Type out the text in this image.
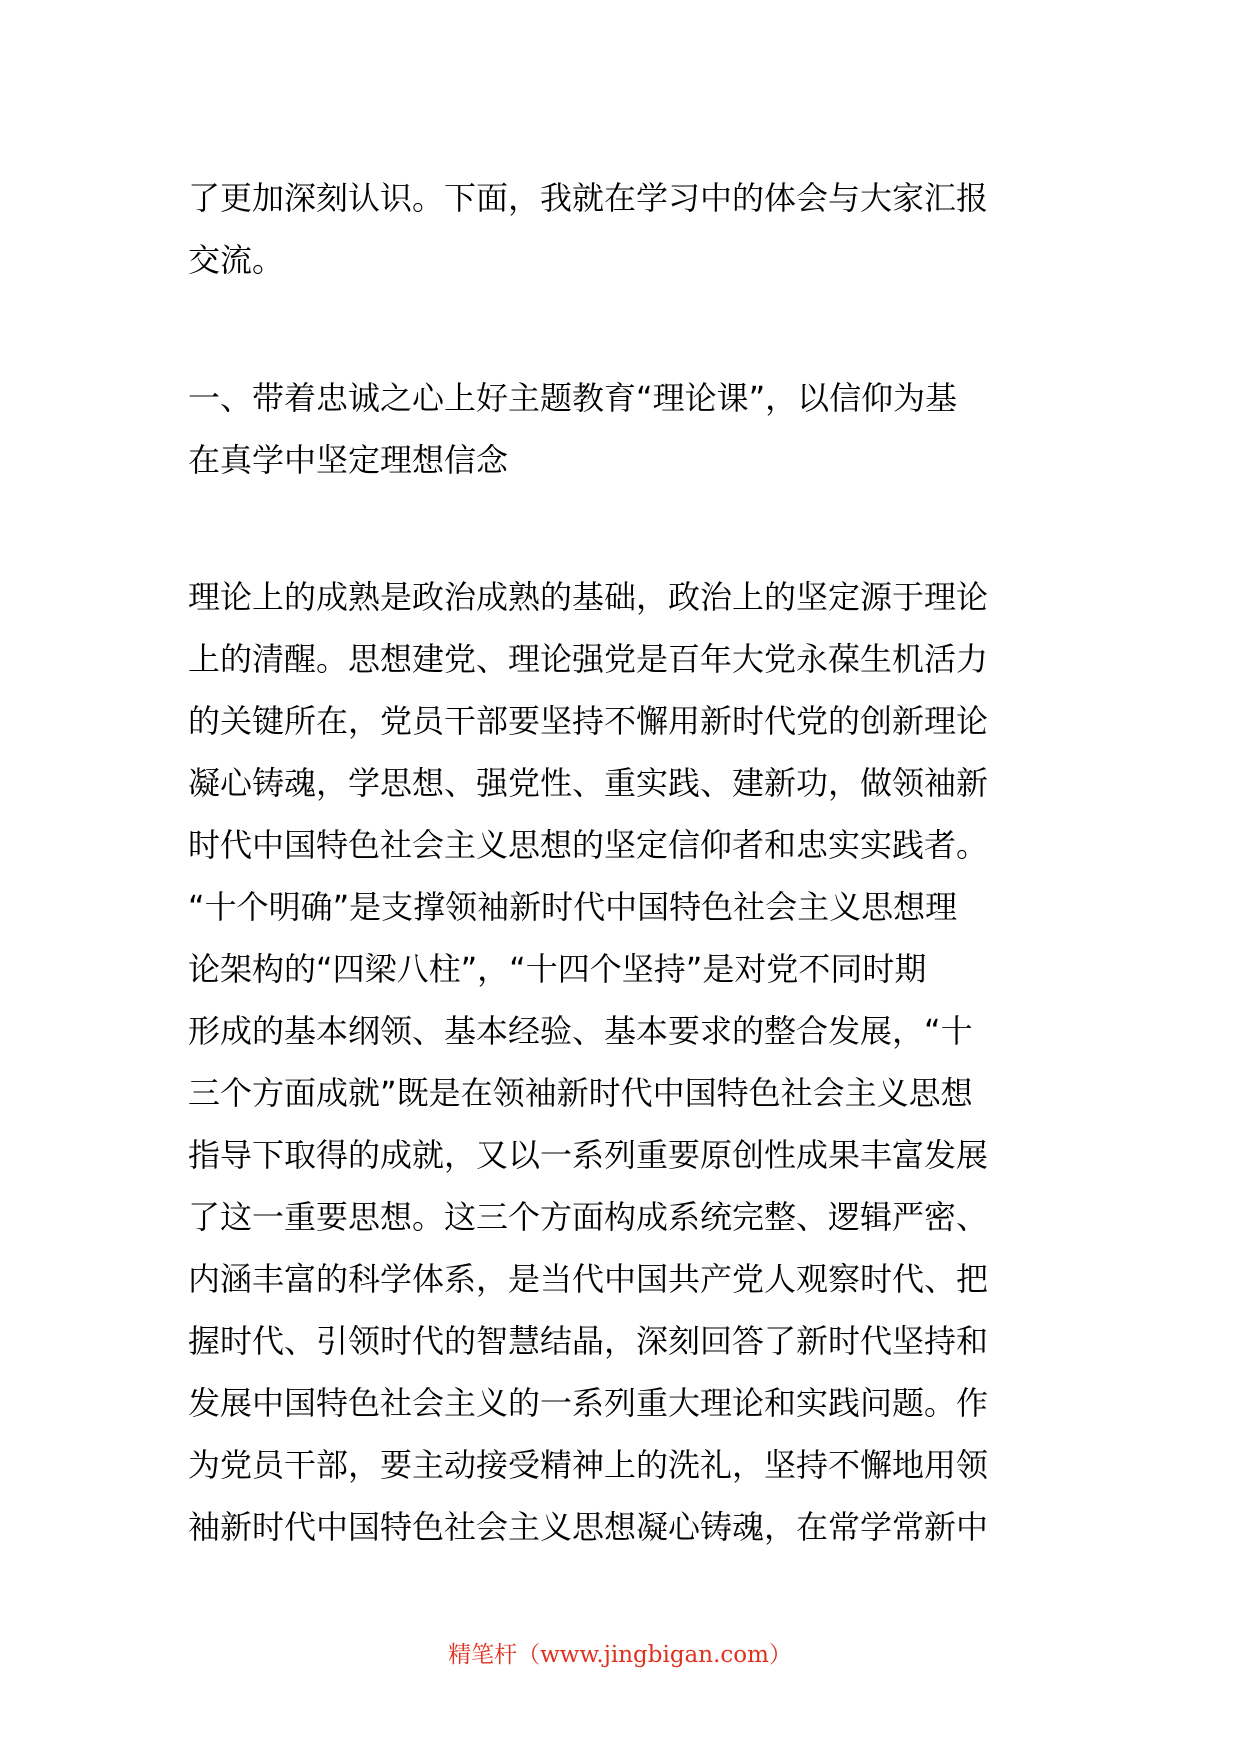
了更加深刻认识。下面，我就在学习中的体会与大家汇报
交流。
一、带着忠诚之心上好主题教育“理论课”，以信仰为基
在真学中坚定理想信念
理论上的成熟是政治成熟的基础，政治上的坚定源于理论
上的清醒。思想建党、理论强党是百年大党永葆生机活力
的关键所在，党员干部要坚持不懈用新时代党的创新理论
凝心铸魂，学思想、强党性、重实践、建新功，做领袖新
时代中国特色社会主义思想的坚定信仰者和忠实实践者。
“十个明确”是支撑领袖新时代中国特色社会主义思想理
论架构的“四梁八柱”，“十四个坚持”是对党不同时期
形成的基本纲领、基本经验、基本要求的整合发展，“十
三个方面成就”既是在领袖新时代中国特色社会主义思想
指导下取得的成就，又以一系列重要原创性成果丰富发展
了这一重要思想。这三个方面构成系统完整、逻辑严密、
内涵丰富的科学体系，是当代中国共产党人观察时代、把
握时代、引领时代的智慧结晶，深刻回答了新时代坚持和
发展中国特色社会主义的一系列重大理论和实践问题。作
为党员干部，要主动接受精神上的洗礼，坚持不懈地用领
袖新时代中国特色社会主义思想凝心铸魂，在常学常新中
精笔杆（www.jingbigan.com）
